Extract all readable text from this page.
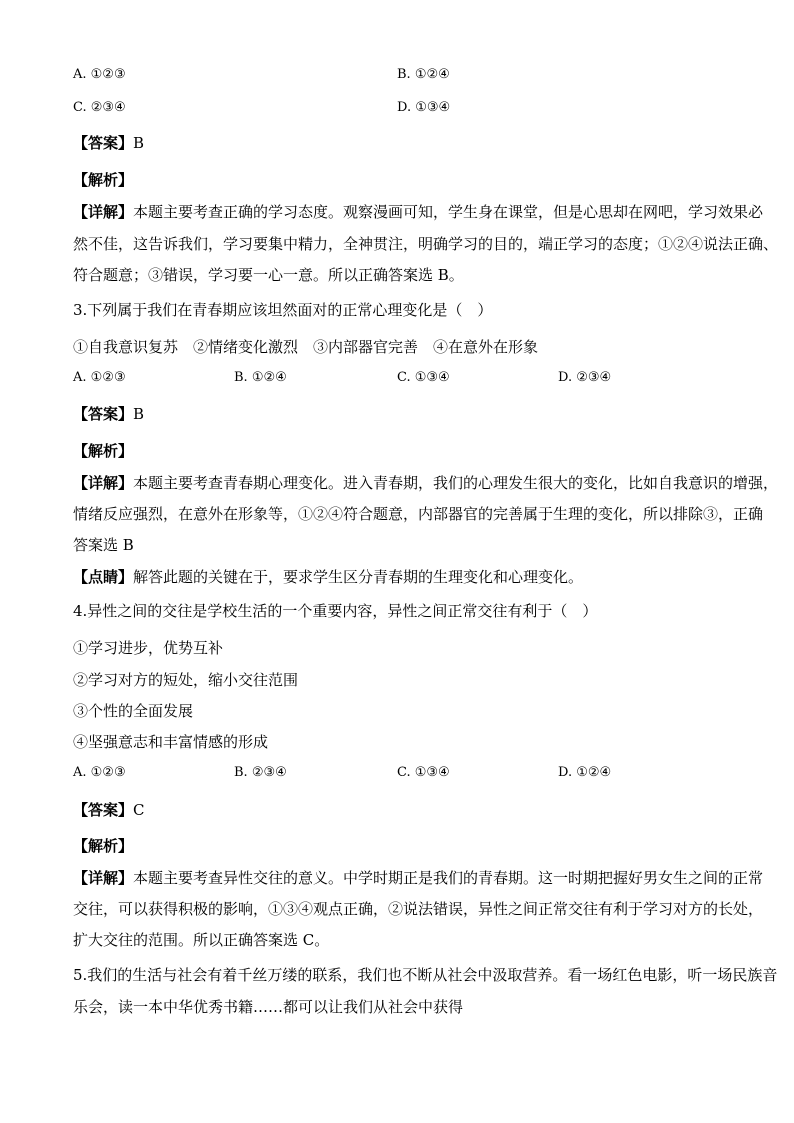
A. ①②③	B. ①②④
C. ②③④	D. ①③④
【答案】B
【解析】
【详解】本题主要考查正确的学习态度。观察漫画可知，学生身在课堂，但是心思却在网吧，学习效果必
然不佳，这告诉我们，学习要集中精力，全神贯注，明确学习的目的，端正学习的态度；①②④说法正确、
符合题意；③错误，学习要一心一意。所以正确答案选 B。
3.下列属于我们在青春期应该坦然面对的正常心理变化是（　）
①自我意识复苏　②情绪变化激烈　③内部器官完善　④在意外在形象
A. ①②③	B. ①②④	C. ①③④	D. ②③④
【答案】B
【解析】
【详解】本题主要考查青春期心理变化。进入青春期，我们的心理发生很大的变化，比如自我意识的增强，
情绪反应强烈，在意外在形象等，①②④符合题意，内部器官的完善属于生理的变化，所以排除③，正确
答案选 B
【点睛】解答此题的关键在于，要求学生区分青春期的生理变化和心理变化。
4.异性之间的交往是学校生活的一个重要内容，异性之间正常交往有利于（　）
①学习进步，优势互补
②学习对方的短处，缩小交往范围
③个性的全面发展
④坚强意志和丰富情感的形成
A. ①②③	B. ②③④	C. ①③④	D. ①②④
【答案】C
【解析】
【详解】本题主要考查异性交往的意义。中学时期正是我们的青春期。这一时期把握好男女生之间的正常
交往，可以获得积极的影响，①③④观点正确，②说法错误，异性之间正常交往有利于学习对方的长处，
扩大交往的范围。所以正确答案选 C。
5.我们的生活与社会有着千丝万缕的联系，我们也不断从社会中汲取营养。看一场红色电影，听一场民族音
乐会，读一本中华优秀书籍……都可以让我们从社会中获得
